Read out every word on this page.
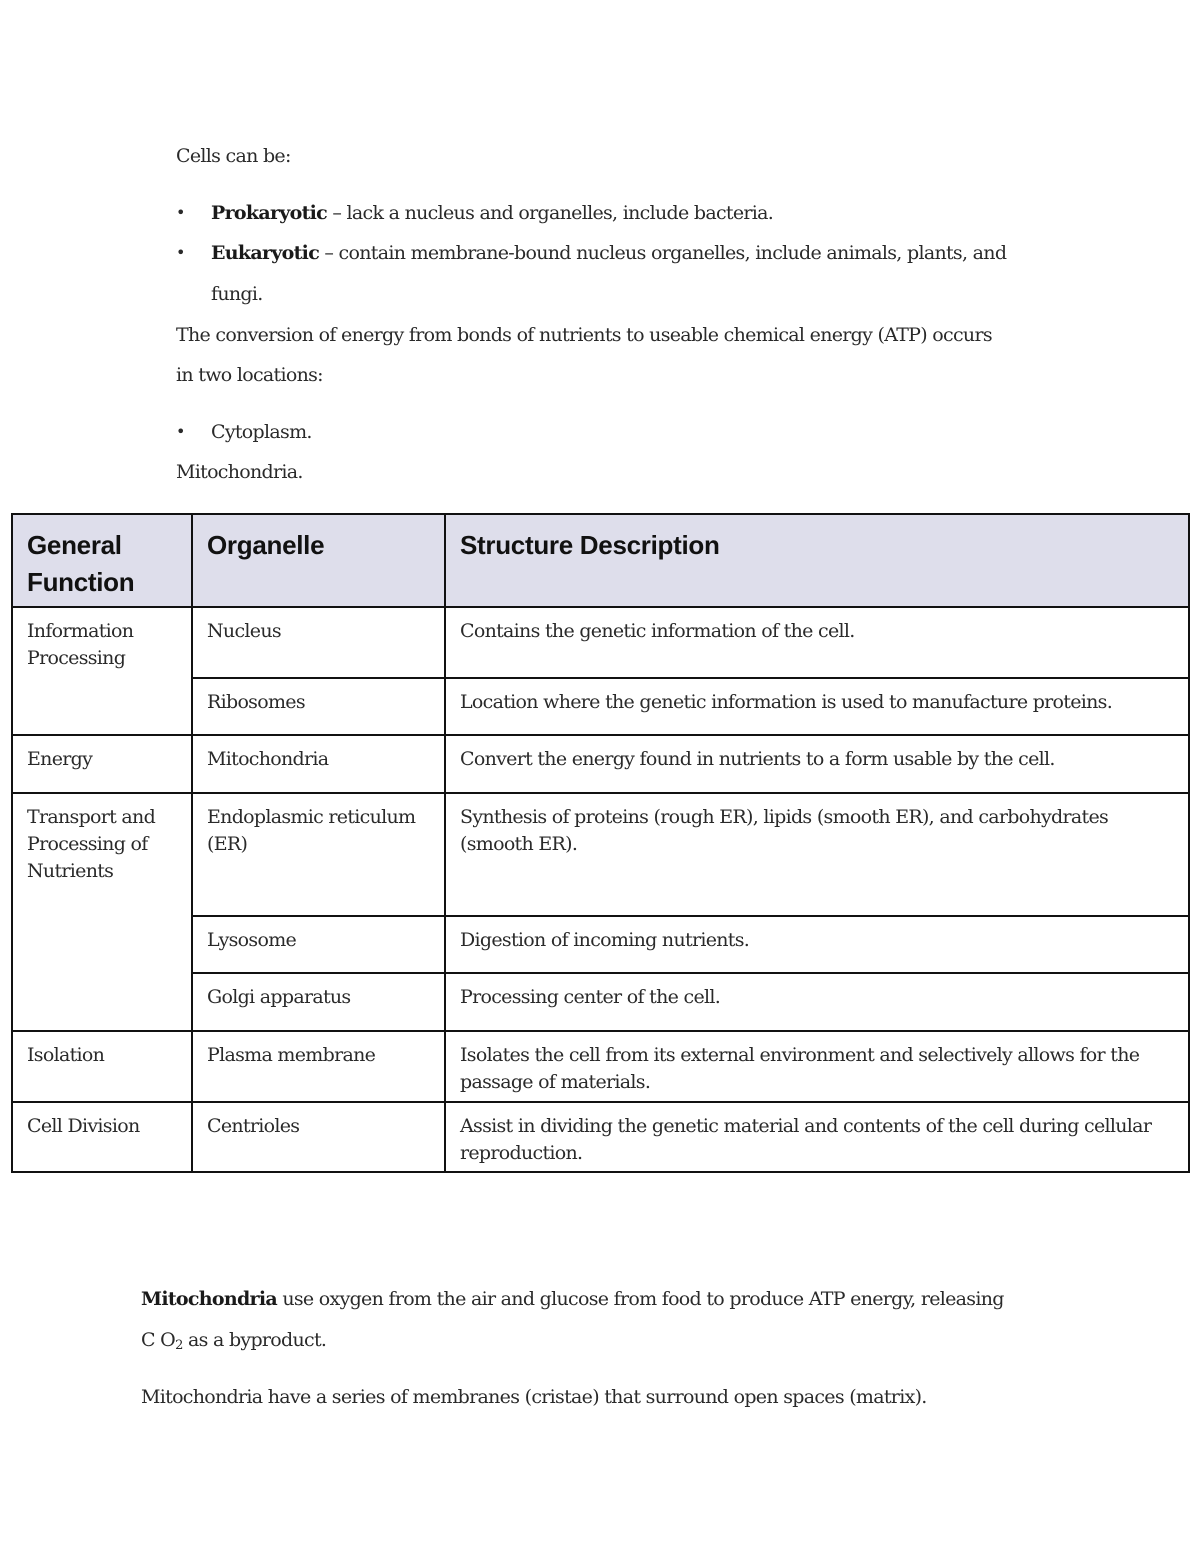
Cells can be:
• Prokaryotic – lack a nucleus and organelles, include bacteria.
• Eukaryotic – contain membrane-bound nucleus organelles, include animals, plants, and
fungi.
The conversion of energy from bonds of nutrients to useable chemical energy (ATP) occurs
in two locations:
• Cytoplasm.
Mitochondria.
General
Function	Organelle	Structure Description
Information Processing	Nucleus	Contains the genetic information of the cell.
	Ribosomes	Location where the genetic information is used to manufacture proteins.
Energy	Mitochondria	Convert the energy found in nutrients to a form usable by the cell.
Transport and Processing of Nutrients	Endoplasmic reticulum (ER)	Synthesis of proteins (rough ER), lipids (smooth ER), and carbohydrates (smooth ER).
	Lysosome	Digestion of incoming nutrients.
	Golgi apparatus	Processing center of the cell.
Isolation	Plasma membrane	Isolates the cell from its external environment and selectively allows for the passage of materials.
Cell Division	Centrioles	Assist in dividing the genetic material and contents of the cell during cellular reproduction.
Mitochondria use oxygen from the air and glucose from food to produce ATP energy, releasing
C $O_2$ as a byproduct.
Mitochondria have a series of membranes (cristae) that surround open spaces (matrix).
